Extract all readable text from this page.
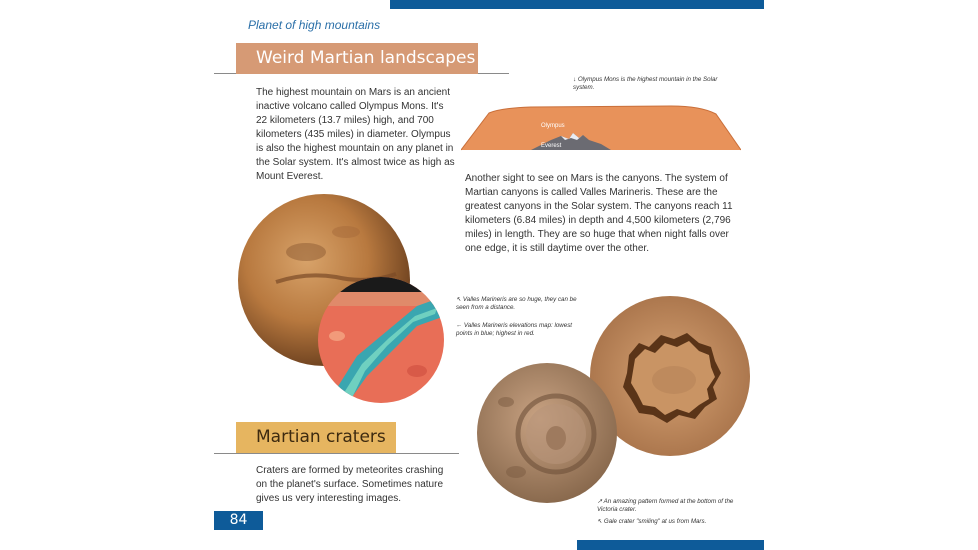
Planet of high mountains
Weird Martian landscapes
The highest mountain on Mars is an ancient inactive volcano called Olympus Mons. It's 22 kilometers (13.7 miles) high, and 700 kilometers (435 miles) in diameter. Olympus is also the highest mountain on any planet in the Solar system. It's almost twice as high as Mount Everest.
↓ Olympus Mons is the highest mountain in the Solar system.
Olympus
Everest
Another sight to see on Mars is the canyons. The system of Martian canyons is called Valles Marineris. These are the greatest canyons in the Solar system. The canyons reach 11 kilometers (6.84 miles) in depth and 4,500 kilometers (2,796 miles) in length. They are so huge that when night falls over one edge, it is still daytime over the other.
↖ Valles Marineris are so huge, they can be seen from a distance.
← Valles Marineris elevations map: lowest points in blue; highest in red.
Martian craters
Craters are formed by meteorites crashing on the planet's surface. Sometimes nature gives us very interesting images.	↗ An amazing pattern formed at the bottom of the Victoria crater.
↖ Gale crater "smiling" at us from Mars.
84
